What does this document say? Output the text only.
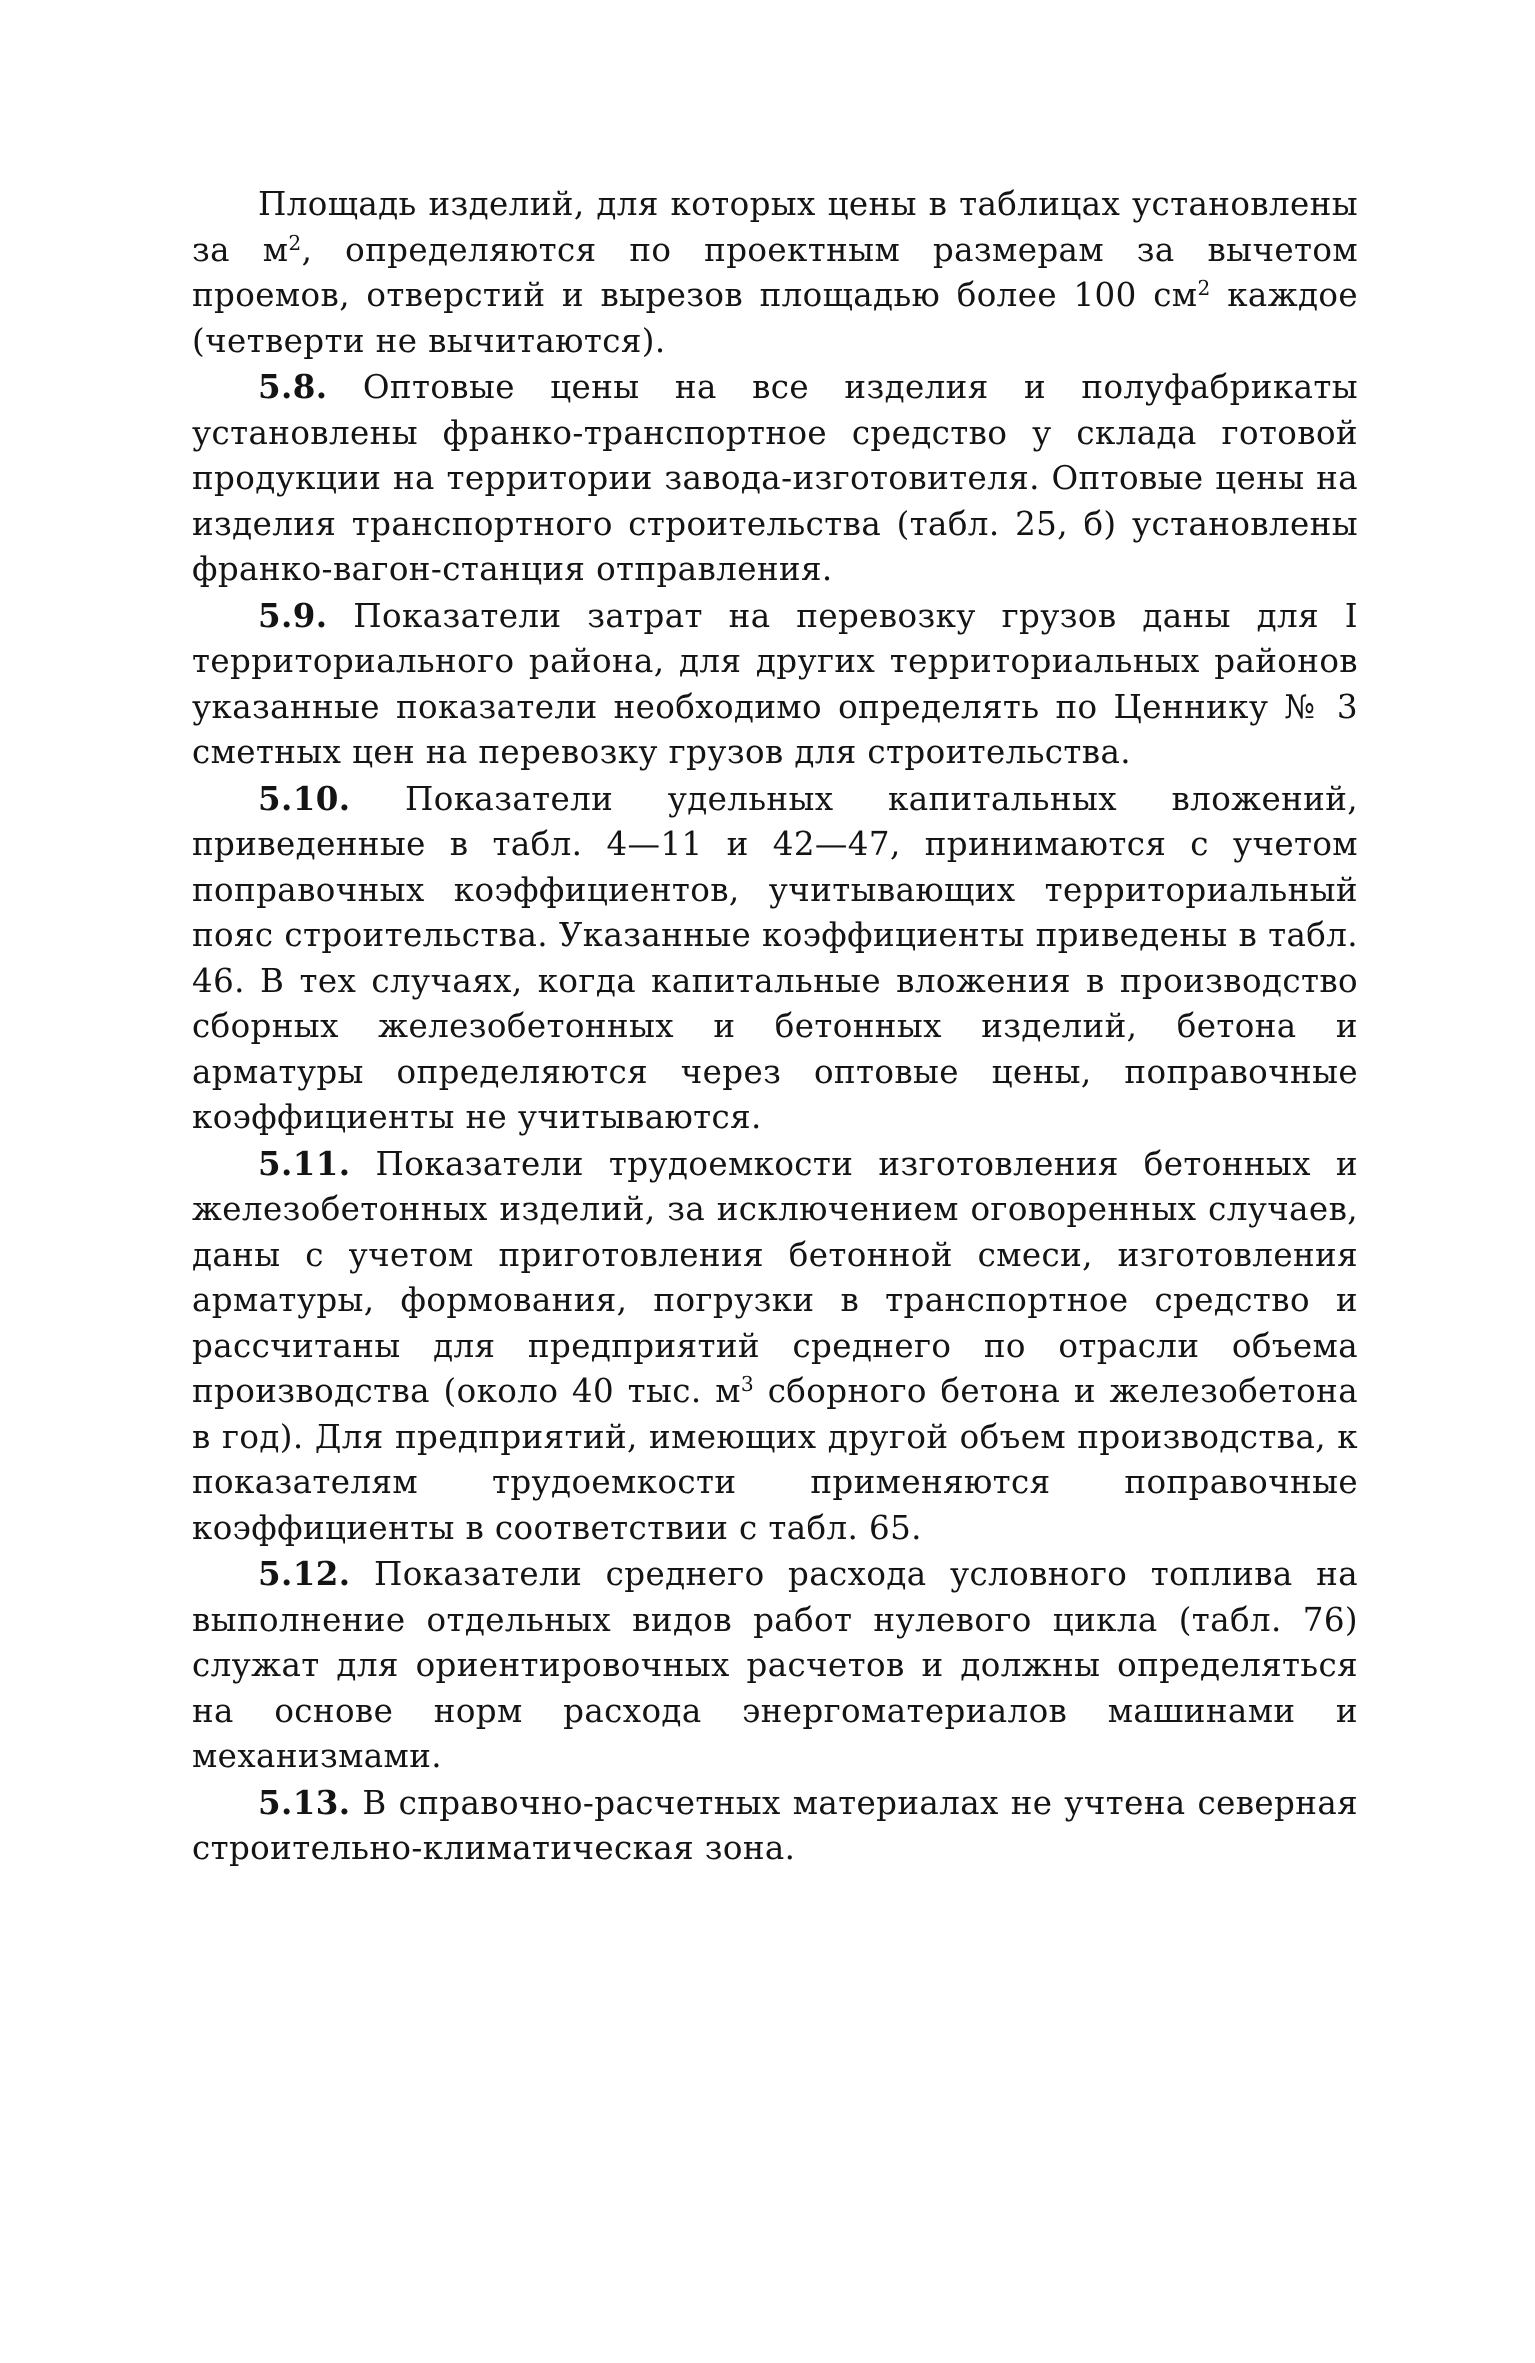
Площадь изделий, для которых цены в таблицах установлены за $м^2$, определяются по проектным размерам за вычетом проемов, отверстий и вырезов площадью более 100 $см^2$ каждое (четверти не вычитаются).

5.8. Оптовые цены на все изделия и полуфабрикаты установлены франко-транспортное средство у склада готовой продукции на территории завода-изготовителя. Оптовые цены на изделия транспортного строительства (табл. 25, б) установлены франко-вагон-станция отправления.

5.9. Показатели затрат на перевозку грузов даны для I территориального района, для других территориальных районов указанные показатели необходимо определять по Ценнику № 3 сметных цен на перевозку грузов для строительства.

5.10. Показатели удельных капитальных вложений, приведенные в табл. 4—11 и 42—47, принимаются с учетом поправочных коэффициентов, учитывающих территориальный пояс строительства. Указанные коэффициенты приведены в табл. 46. В тех случаях, когда капитальные вложения в производство сборных железобетонных и бетонных изделий, бетона и арматуры определяются через оптовые цены, поправочные коэффициенты не учитываются.

5.11. Показатели трудоемкости изготовления бетонных и железобетонных изделий, за исключением оговоренных случаев, даны с учетом приготовления бетонной смеси, изготовления арматуры, формования, погрузки в транспортное средство и рассчитаны для предприятий среднего по отрасли объема производства (около 40 тыс. $м^3$ сборного бетона и железобетона в год). Для предприятий, имеющих другой объем производства, к показателям трудоемкости применяются поправочные коэффициенты в соответствии с табл. 65.

5.12. Показатели среднего расхода условного топлива на выполнение отдельных видов работ нулевого цикла (табл. 76) служат для ориентировочных расчетов и должны определяться на основе норм расхода энергоматериалов машинами и механизмами.

5.13. В справочно-расчетных материалах не учтена северная строительно-климатическая зона.
